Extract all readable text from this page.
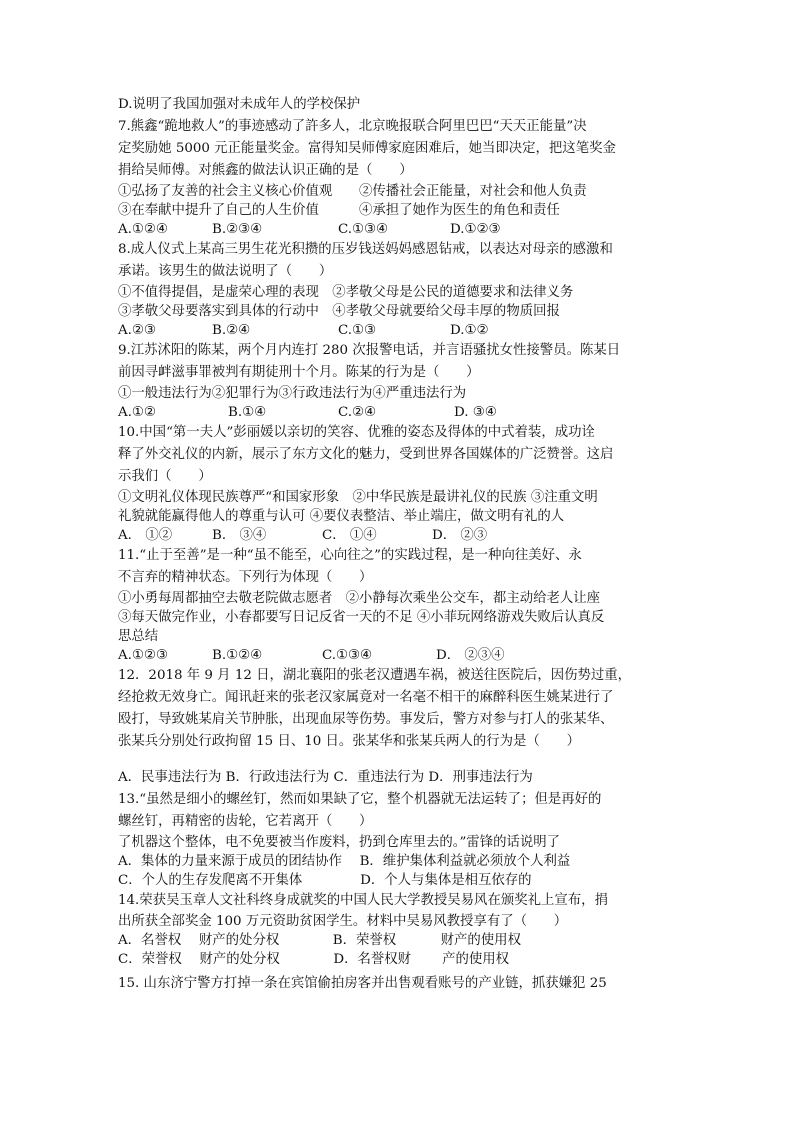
D.说明了我国加强对未成年人的学校保护
7.熊鑫“跪地救人”的事迹感动了許多人，北京晚报联合阿里巴巴“天天正能量”决
定奖励她 5000 元正能量奖金。富得知吴师傅家庭困难后，她当即决定，把这笔奖金
捐给吴师傅。对熊鑫的做法认识正确的是（　　）
①弘扬了友善的社会主义核心价值观　　②传播社会正能量，对社会和他人负责
③在奉献中提升了自己的人生价值　　　④承担了她作为医生的角色和责任
A.①②④	B.②③④	C.①③④	D.①②③
8.成人仪式上某高三男生花光积攒的压岁钱送妈妈感恩钻戒，以表达对母亲的感激和
承诺。该男生的做法说明了（　　）
①不值得提倡，是虚荣心理的表现　②孝敬父母是公民的道德要求和法律义务
③孝敬父母要落实到具体的行动中　④孝敬父母就要给父母丰厚的物质回报
A.②③	B.②④	C.①③	D.①②
9.江苏沭阳的陈某，两个月内连打 280 次报警电话，并言语骚扰女性接警员。陈某日
前因寻衅滋事罪被判有期徒刑十个月。陈某的行为是（　　）
①一般违法行为②犯罪行为③行政违法行为④严重违法行为
A.①②	B.①④	C.②④	D. ③④
10.中国“第一夫人”彭丽媛以亲切的笑容、优雅的姿态及得体的中式着装，成功诠
释了外交礼仪的内新，展示了东方文化的魅力，受到世界各国媒体的广泛赞誉。这启
示我们（　　）
①文明礼仪体现民族尊严“和国家形象　②中华民族是最讲礼仪的民族 ③注重文明
礼貌就能赢得他人的尊重与认可 ④要仪表整洁、举止端庄，做文明有礼的人
A． ①②	B． ③④	C． ①④	D． ②③
11.“止于至善”是一种“虽不能至，心向往之”的实践过程，是一种向往美好、永
不言弃的精神状态。下列行为体现（　　）
①小勇每周都抽空去敬老院做志愿者　②小静每次乘坐公交车，都主动给老人让座
③每天做完作业，小春都要写日记反省一天的不足 ④小菲玩网络游戏失败后认真反
思总结
A.①②③	B.①②④	C.①③④	D． ②③④
12．2018 年 9 月 12 日，湖北襄阳的张老汉遭遇车祸，被送往医院后，因伤势过重，
经抢救无效身亡。闻讯赶来的张老汉家属竟对一名毫不相干的麻醉科医生姚某进行了
殴打，导致姚某肩关节肿胀，出现血尿等伤势。事发后，警方对参与打人的张某华、
张某兵分别处行政拘留 15 日、10 日。张某华和张某兵两人的行为是（　　）
A．民事违法行为 B．行政违法行为 C．重违法行为 D．刑事违法行为
13.“虽然是细小的螺丝钉，然而如果缺了它，整个机器就无法运转了；但是再好的
螺丝钉，再精密的齿轮，它若离开（　　）
了机器这个整体，电不免要被当作废料，扔到仓库里去的。”雷锋的话说明了
A．集体的力量来源于成员的团结协作　 B．维护集体利益就必须放个人利益
C．个人的生存发爬离不开集体　　　　 D．个人与集体是相互依存的
14.荣获吴玉章人文社科终身成就奖的中国人民大学教授吴易风在颁奖礼上宣布，捐
出所获全部奖金 100 万元资助贫困学生。材料中吴易风教授享有了（　　）
A．名誉权　 财产的处分权　　　　B．荣誉权　　　 财产的使用权
C．荣誉权　 财产的处分权　　　　D．名誉权财　　 产的使用权
15. 山东济宁警方打掉一条在宾馆偷拍房客并出售观看账号的产业链，抓获嫌犯 25
